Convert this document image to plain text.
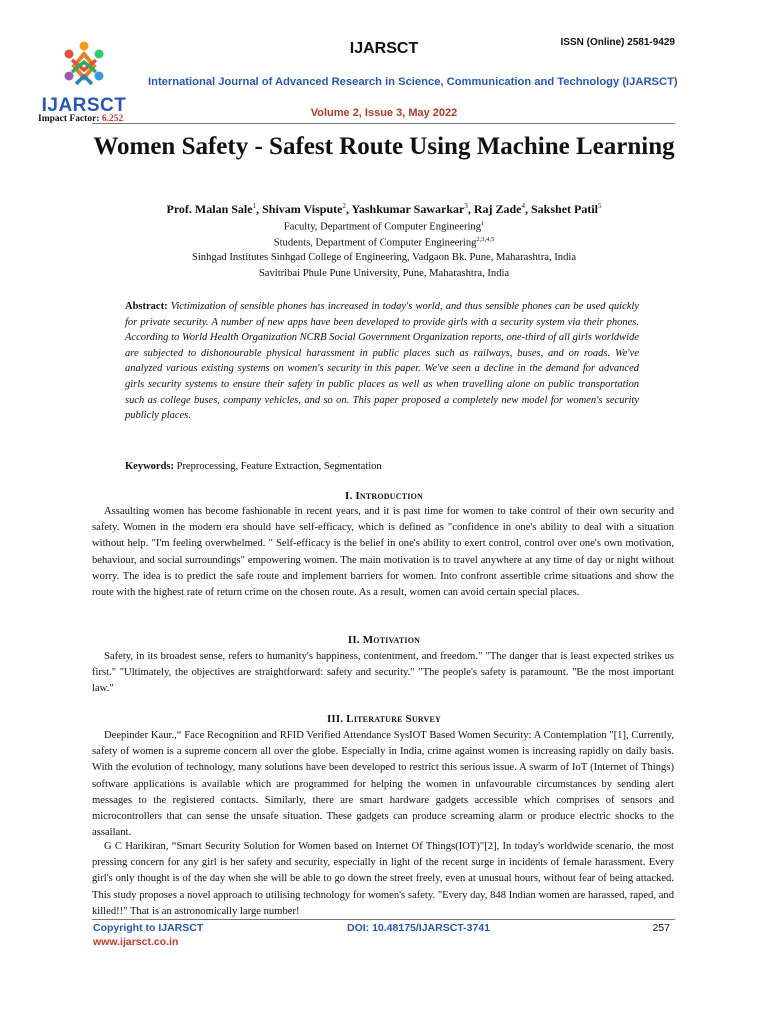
IJARSCT
Impact Factor: 6.252
IJARSCT	ISSN (Online) 2581-9429
International Journal of Advanced Research in Science, Communication and Technology (IJARSCT)
Volume 2, Issue 3, May 2022
Women Safety - Safest Route Using Machine Learning
Prof. Malan Sale$^1$, Shivam Vispute$^2$, Yashkumar Sawarkar$^3$, Raj Zade$^4$, Sakshet Patil$^5$
Faculty, Department of Computer Engineering$^1$
Students, Department of Computer Engineering$^{2,3,4,5}$
Sinhgad Institutes Sinhgad College of Engineering, Vadgaon Bk. Pune, Maharashtra, India
Savitribai Phule Pune University, Pune, Maharashtra, India
Abstract: Victimization of sensible phones has increased in today's world, and thus sensible phones can be used quickly for private security. A number of new apps have been developed to provide girls with a security system via their phones. According to World Health Organization NCRB Social Government Organization reports, one-third of all girls worldwide are subjected to dishonourable physical harassment in public places such as railways, buses, and on roads. We've analyzed various existing systems on women's security in this paper. We've seen a decline in the demand for advanced girls security systems to ensure their safety in public places as well as when travelling alone on public transportation such as college buses, company vehicles, and so on. This paper proposed a completely new model for women's security publicly places.
Keywords: Preprocessing, Feature Extraction, Segmentation
I. Introduction
Assaulting women has become fashionable in recent years, and it is past time for women to take control of their own security and safety. Women in the modern era should have self-efficacy, which is defined as "confidence in one's ability to deal with a situation without help. "I'm feeling overwhelmed. " Self-efficacy is the belief in one's ability to exert control, control over one's own motivation, behaviour, and social surroundings" empowering women. The main motivation is to travel anywhere at any time of day or night without worry. The idea is to predict the safe route and implement barriers for women. Into confront assertible crime situations and show the route with the highest rate of return crime on the chosen route. As a result, women can avoid certain special places.
II. Motivation
Safety, in its broadest sense, refers to humanity's happiness, contentment, and freedom." "The danger that is least expected strikes us first." "Ultimately, the objectives are straightforward: safety and security." "The people's safety is paramount. "Be the most important law."
III. Literature Survey
Deepinder Kaur.,“ Face Recognition and RFID Verified Attendance SysIOT Based Women Security: A Contemplation "[1], Currently, safety of women is a supreme concern all over the globe. Especially in India, crime against women is increasing rapidly on daily basis. With the evolution of technology, many solutions have been developed to restrict this serious issue. A swarm of IoT (Internet of Things) software applications is available which are programmed for helping the women in unfavourable circumstances by sending alert messages to the registered contacts. Similarly, there are smart hardware gadgets accessible which comprises of sensors and microcontrollers that can sense the unsafe situation. These gadgets can produce screaming alarm or produce electric shocks to the assailant.
G C Harikiran, “Smart Security Solution for Women based on Internet Of Things(IOT)"[2], In today's worldwide scenario, the most pressing concern for any girl is her safety and security, especially in light of the recent surge in incidents of female harassment. Every girl's only thought is of the day when she will be able to go down the street freely, even at unusual hours, without fear of being attacked. This study proposes a novel approach to utilising technology for women's safety. "Every day, 848 Indian women are harassed, raped, and killed!!" That is an astronomically large number!
Copyright to IJARSCT
www.ijarsct.co.in
DOI: 10.48175/IJARSCT-3741	257
